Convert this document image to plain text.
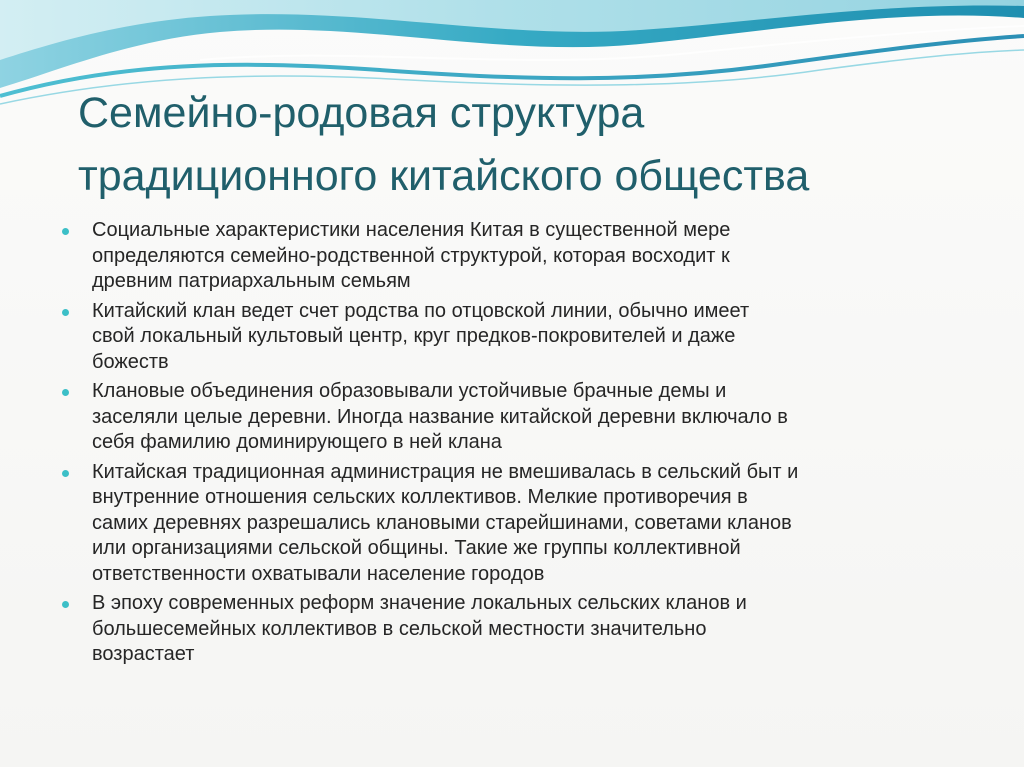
Семейно-родовая структура
традиционного китайского общества
Социальные характеристики населения Китая в существенной мере
определяются семейно-родственной структурой, которая восходит к
древним патриархальным семьям
Китайский клан ведет счет родства по отцовской линии, обычно имеет
свой локальный культовый центр, круг предков-покровителей и даже
божеств
Клановые объединения образовывали устойчивые брачные демы и
заселяли целые деревни. Иногда название китайской деревни включало в
себя фамилию доминирующего в ней клана
Китайская традиционная администрация не вмешивалась в сельский быт и
внутренние отношения сельских коллективов. Мелкие противоречия в
самих деревнях разрешались клановыми старейшинами, советами кланов
или организациями сельской общины. Такие же группы коллективной
ответственности охватывали население городов
В эпоху современных реформ значение локальных сельских кланов и
большесемейных коллективов в сельской местности значительно
возрастает
